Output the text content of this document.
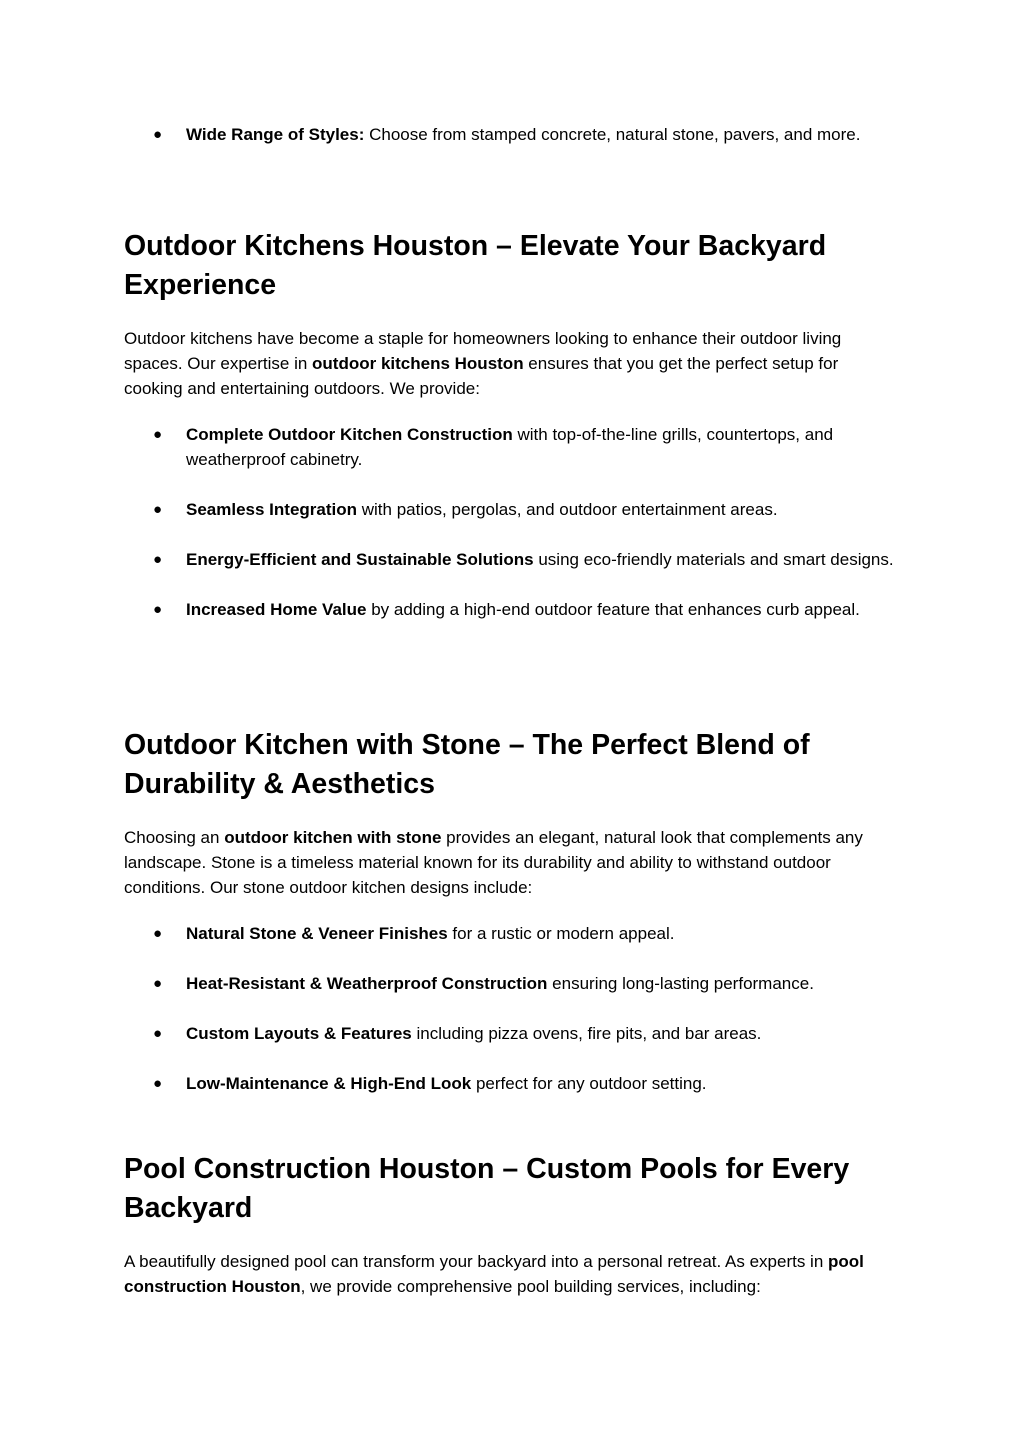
● Wide Range of Styles: Choose from stamped concrete, natural stone, pavers, and more.
Outdoor Kitchens Houston – Elevate Your Backyard Experience

Outdoor kitchens have become a staple for homeowners looking to enhance their outdoor living spaces. Our expertise in outdoor kitchens Houston ensures that you get the perfect setup for cooking and entertaining outdoors. We provide:

● Complete Outdoor Kitchen Construction with top-of-the-line grills, countertops, and weatherproof cabinetry.
● Seamless Integration with patios, pergolas, and outdoor entertainment areas.
● Energy-Efficient and Sustainable Solutions using eco-friendly materials and smart designs.
● Increased Home Value by adding a high-end outdoor feature that enhances curb appeal.
Outdoor Kitchen with Stone – The Perfect Blend of Durability & Aesthetics

Choosing an outdoor kitchen with stone provides an elegant, natural look that complements any landscape. Stone is a timeless material known for its durability and ability to withstand outdoor conditions. Our stone outdoor kitchen designs include:

● Natural Stone & Veneer Finishes for a rustic or modern appeal.
● Heat-Resistant & Weatherproof Construction ensuring long-lasting performance.
● Custom Layouts & Features including pizza ovens, fire pits, and bar areas.
● Low-Maintenance & High-End Look perfect for any outdoor setting.
Pool Construction Houston – Custom Pools for Every Backyard

A beautifully designed pool can transform your backyard into a personal retreat. As experts in pool construction Houston, we provide comprehensive pool building services, including:
